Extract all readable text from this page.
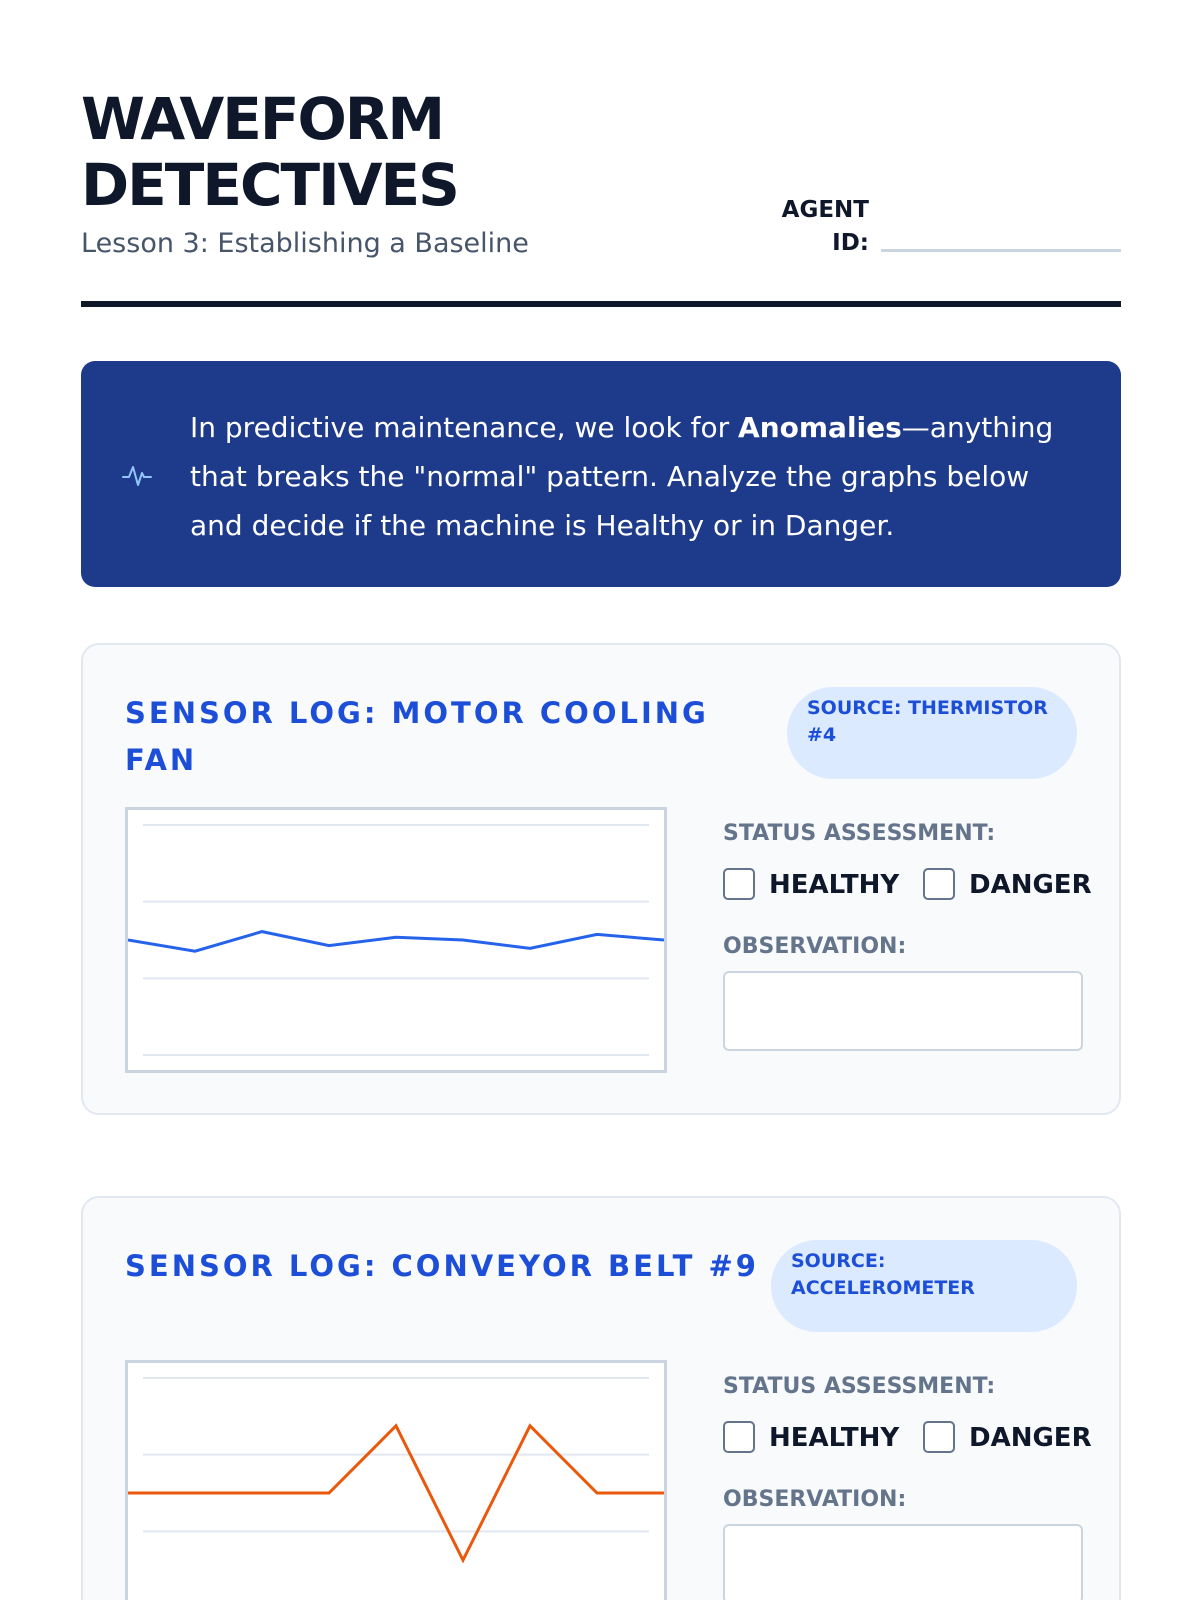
WAVEFORM
DETECTIVES
Lesson 3: Establishing a Baseline
AGENT
ID:
In predictive maintenance, we look for Anomalies—anything that breaks the "normal" pattern. Analyze the graphs below and decide if the machine is Healthy or in Danger.
SENSOR LOG: MOTOR COOLING FAN
SOURCE: THERMISTOR #4
STATUS ASSESSMENT:
HEALTHY	DANGER
OBSERVATION:
SENSOR LOG: CONVEYOR BELT #9	SOURCE: ACCELEROMETER
STATUS ASSESSMENT:
HEALTHY	DANGER
OBSERVATION:
